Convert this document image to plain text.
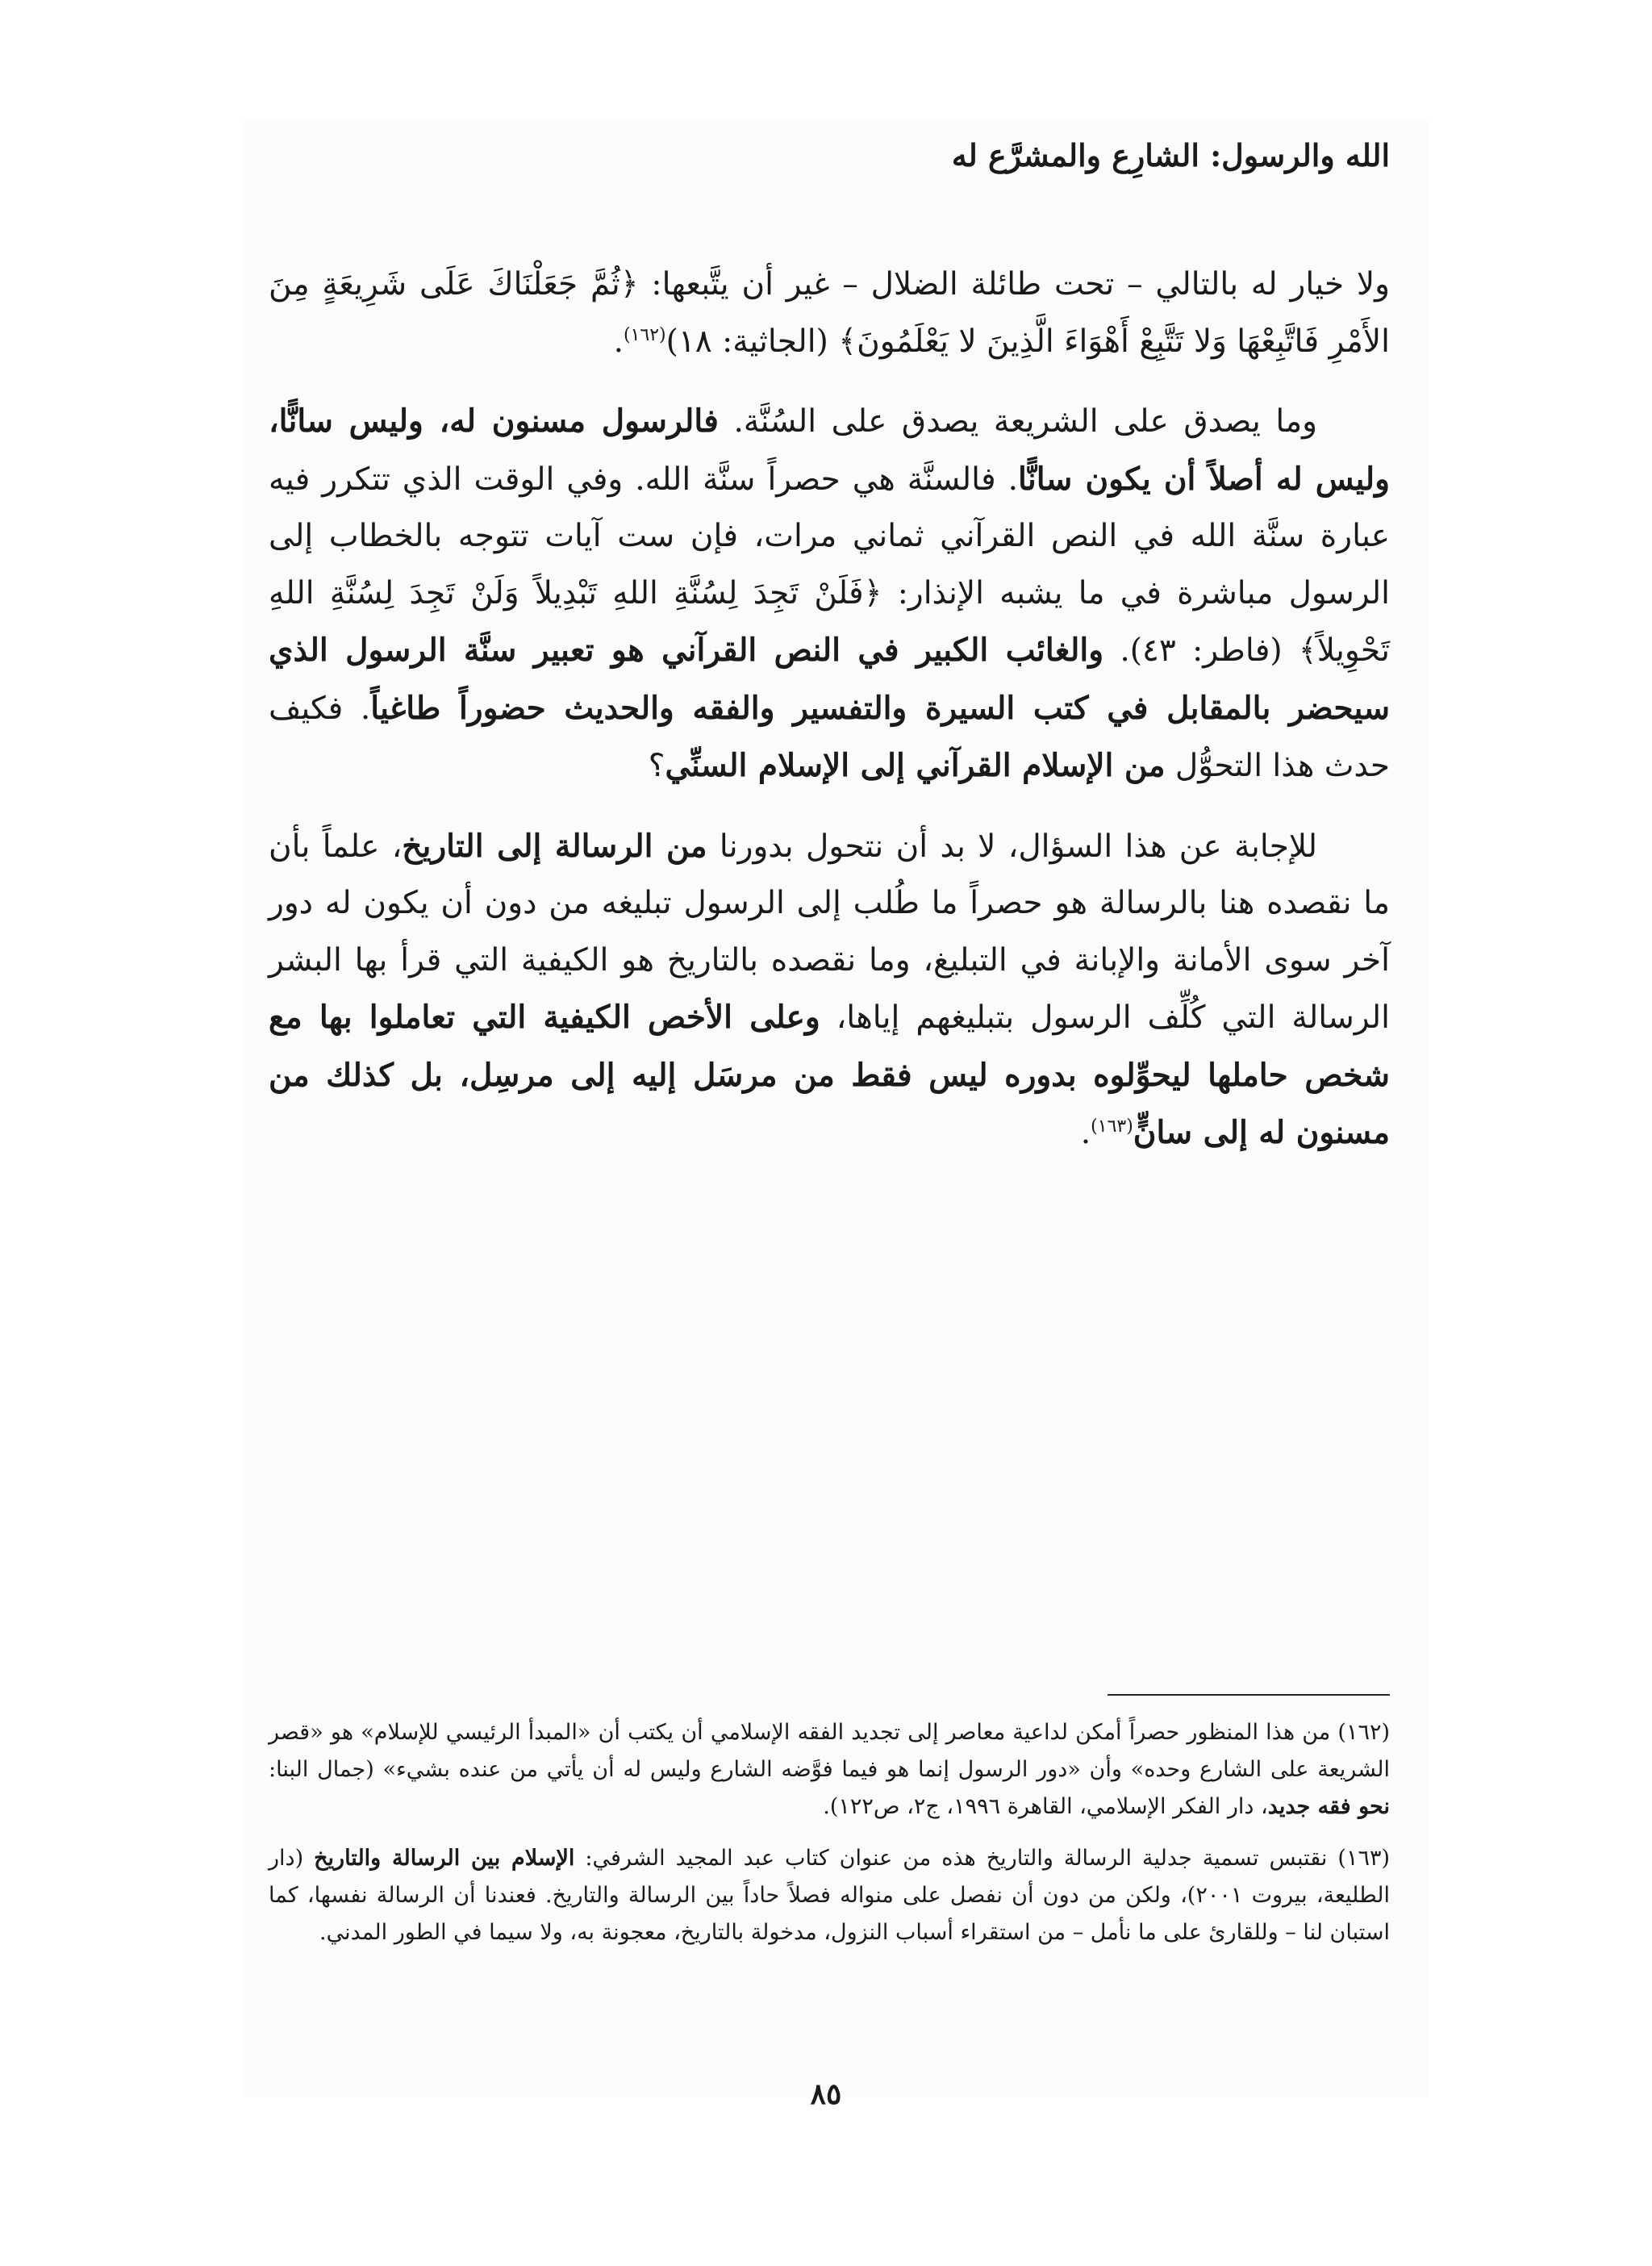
الله والرسول: الشارِع والمشرَّع له

ولا خيار له بالتالي – تحت طائلة الضلال – غير أن يتَّبعها: ﴿ثُمَّ جَعَلْنَاكَ عَلَى شَرِيعَةٍ مِنَ الأَمْرِ فَاتَّبِعْهَا وَلا تَتَّبِعْ أَهْوَاءَ الَّذِينَ لا يَعْلَمُونَ﴾ (الجاثية: ١٨)$^{(١٦٢)}$.

وما يصدق على الشريعة يصدق على السُنَّة. فالرسول مسنون له، وليس سانًّا، وليس له أصلاً أن يكون سانًّا. فالسنَّة هي حصراً سنَّة الله. وفي الوقت الذي تتكرر فيه عبارة سنَّة الله في النص القرآني ثماني مرات، فإن ست آيات تتوجه بالخطاب إلى الرسول مباشرة في ما يشبه الإنذار: ﴿فَلَنْ تَجِدَ لِسُنَّةِ اللهِ تَبْدِيلاً وَلَنْ تَجِدَ لِسُنَّةِ اللهِ تَحْوِيلاً﴾ (فاطر: ٤٣). والغائب الكبير في النص القرآني هو تعبير سنَّة الرسول الذي سيحضر بالمقابل في كتب السيرة والتفسير والفقه والحديث حضوراً طاغياً. فكيف حدث هذا التحوُّل من الإسلام القرآني إلى الإسلام السنِّي؟

للإجابة عن هذا السؤال، لا بد أن نتحول بدورنا من الرسالة إلى التاريخ، علماً بأن ما نقصده هنا بالرسالة هو حصراً ما طُلب إلى الرسول تبليغه من دون أن يكون له دور آخر سوى الأمانة والإبانة في التبليغ، وما نقصده بالتاريخ هو الكيفية التي قرأ بها البشر الرسالة التي كُلِّف الرسول بتبليغهم إياها، وعلى الأخص الكيفية التي تعاملوا بها مع شخص حاملها ليحوِّلوه بدوره ليس فقط من مرسَل إليه إلى مرسِل، بل كذلك من مسنون له إلى سانٍّ$^{(١٦٣)}$.

(١٦٢) من هذا المنظور حصراً أمكن لداعية معاصر إلى تجديد الفقه الإسلامي أن يكتب أن «المبدأ الرئيسي للإسلام» هو «قصر الشريعة على الشارع وحده» وأن «دور الرسول إنما هو فيما فوَّضه الشارع وليس له أن يأتي من عنده بشيء» (جمال البنا: نحو فقه جديد، دار الفكر الإسلامي، القاهرة ١٩٩٦، ج٢، ص١٢٢).

(١٦٣) نقتبس تسمية جدلية الرسالة والتاريخ هذه من عنوان كتاب عبد المجيد الشرفي: الإسلام بين الرسالة والتاريخ (دار الطليعة، بيروت ٢٠٠١)، ولكن من دون أن نفصل على منواله فصلاً حاداً بين الرسالة والتاريخ. فعندنا أن الرسالة نفسها، كما استبان لنا – وللقارئ على ما نأمل – من استقراء أسباب النزول، مدخولة بالتاريخ، معجونة به، ولا سيما في الطور المدني.

٨٥
